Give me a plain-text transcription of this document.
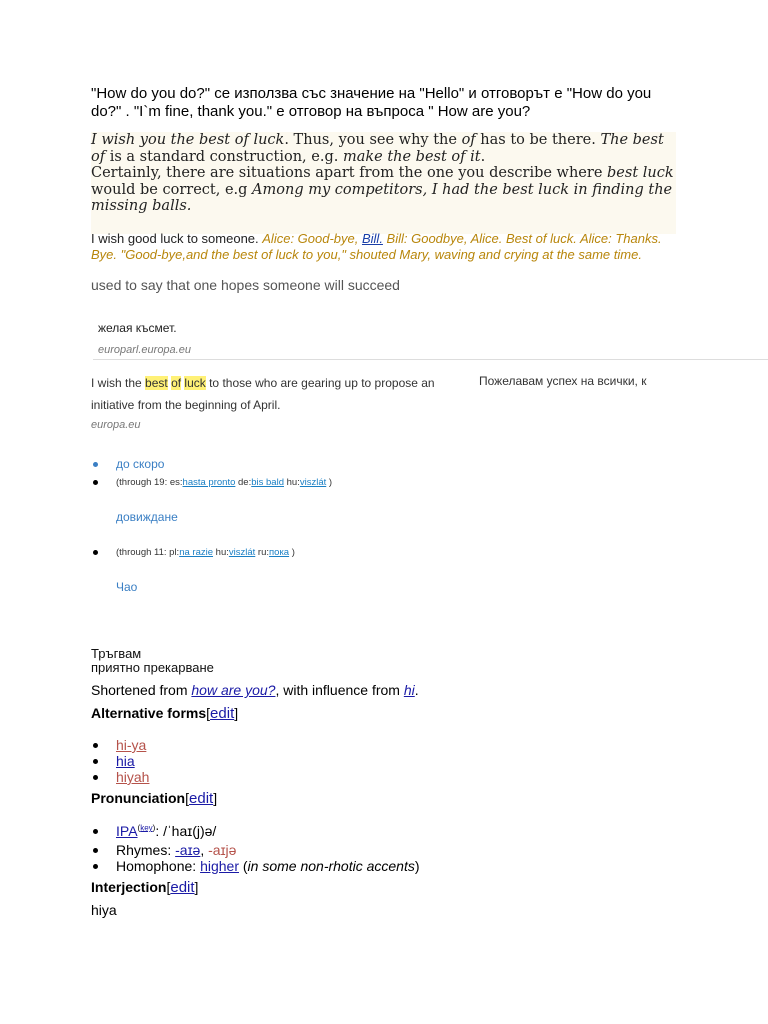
"How do you do?" се използва със значение на "Hello" и отговорът е "How do you do?" . "I`m fine, thank you." е отговор на въпроса " How are you?
I wish you the best of luck. Thus, you see why the of has to be there. The best of is a standard construction, e.g. make the best of it.
Certainly, there are situations apart from the one you describe where best luck would be correct, e.g Among my competitors, I had the best luck in finding the missing balls.
I wish good luck to someone. Alice: Good-bye, Bill. Bill: Goodbye, Alice. Best of luck. Alice: Thanks. Bye. "Good-bye,and the best of luck to you," shouted Mary, waving and crying at the same time.
used to say that one hopes someone will succeed
желая късмет.
europarl.europa.eu
I wish the best of luck to those who are gearing up to propose an initiative from the beginning of April.
Пожелавам успех на всички, к
europa.eu
до скоро
(through 19: es:hasta pronto de:bis bald hu:viszlát )
довиждане
(through 11: pl:na razie hu:viszlát ru:пока )
Чао
Тръгвам
приятно прекарване
Shortened from how are you?, with influence from hi.
Alternative forms[edit]
hi-ya
hia
hiyah
Pronunciation[edit]
$IPA^{(key)}$: /ˈhaɪ(j)ə/
Rhymes: -aɪə, -aɪjə
Homophone: higher (in some non-rhotic accents)
Interjection[edit]
hiya
